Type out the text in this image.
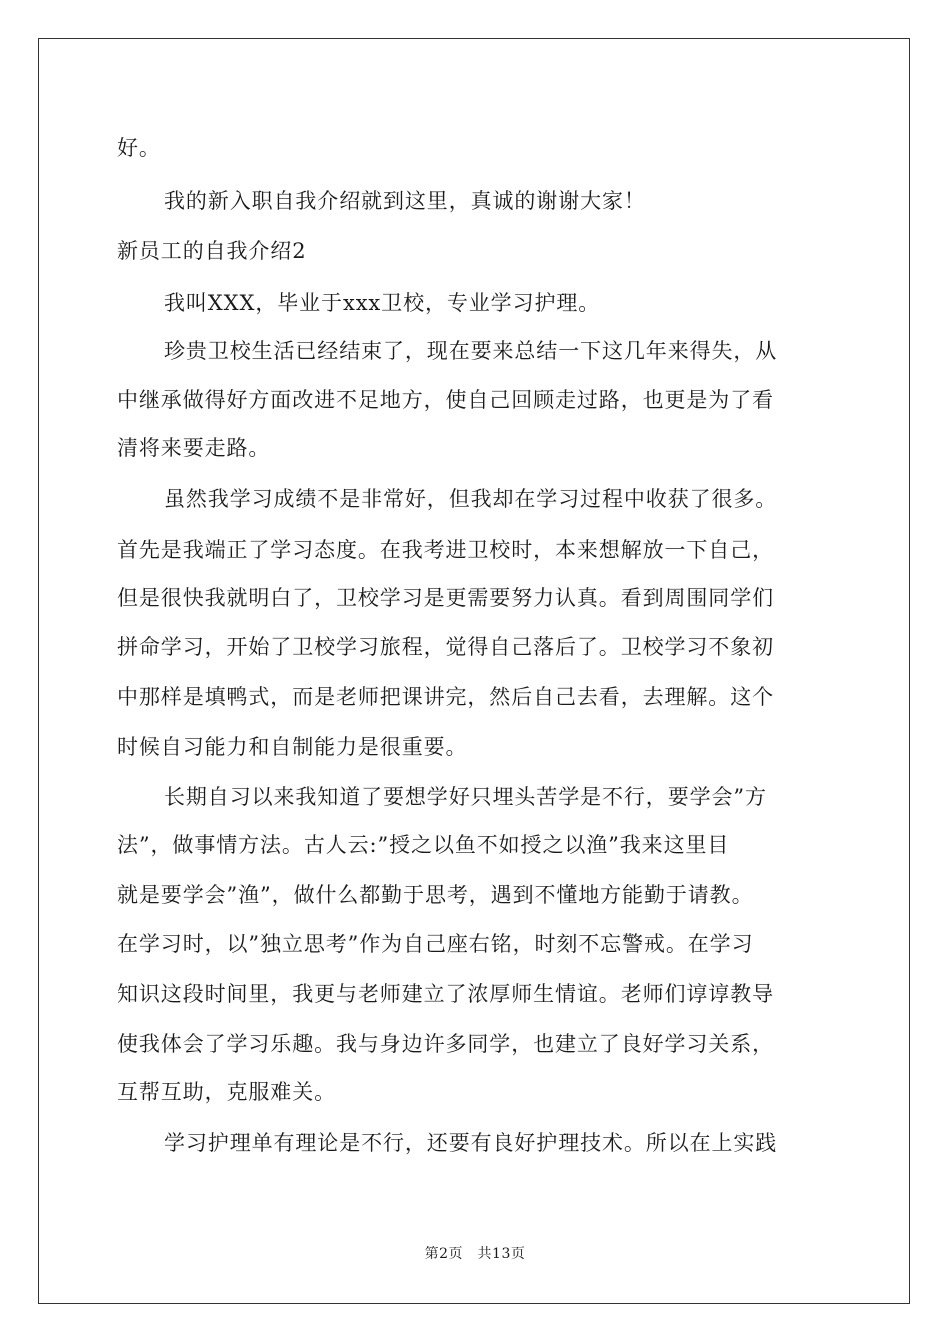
好。
我的新入职自我介绍就到这里，真诚的谢谢大家！
新员工的自我介绍2
我叫XXX，毕业于xxx卫校，专业学习护理。
珍贵卫校生活已经结束了，现在要来总结一下这几年来得失，从
中继承做得好方面改进不足地方，使自己回顾走过路，也更是为了看
清将来要走路。
虽然我学习成绩不是非常好，但我却在学习过程中收获了很多。
首先是我端正了学习态度。在我考进卫校时，本来想解放一下自己，
但是很快我就明白了，卫校学习是更需要努力认真。看到周围同学们
拼命学习，开始了卫校学习旅程，觉得自己落后了。卫校学习不象初
中那样是填鸭式，而是老师把课讲完，然后自己去看，去理解。这个
时候自习能力和自制能力是很重要。
长期自习以来我知道了要想学好只埋头苦学是不行，要学会”方
法”，做事情方法。古人云:”授之以鱼不如授之以渔”我来这里目
就是要学会”渔”，做什么都勤于思考，遇到不懂地方能勤于请教。
在学习时，以”独立思考”作为自己座右铭，时刻不忘警戒。在学习
知识这段时间里，我更与老师建立了浓厚师生情谊。老师们谆谆教导
使我体会了学习乐趣。我与身边许多同学，也建立了良好学习关系，
互帮互助，克服难关。
学习护理单有理论是不行，还要有良好护理技术。所以在上实践
第2页　共13页
